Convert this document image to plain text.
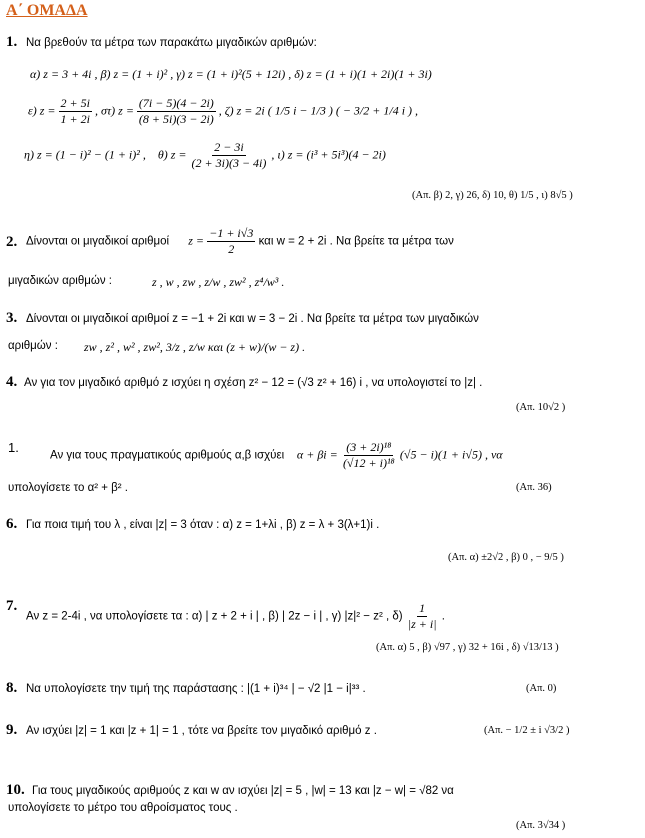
Α΄ ΟΜΑΔΑ
1. Να βρεθούν τα μέτρα των παρακάτω μιγαδικών αριθμών:
α) z = 3 + 4i , β) z = (1 + i)² , γ) z = (1 + i)²(5 + 12i) , δ) z = (1 + i)(1 + 2i)(1 + 3i)
ε) $z = \frac{2 + 5i}{1 + 2i}$ , στ) $z = \frac{(7i - 5)(4 - 2i)}{(8 + 5i)(3 - 2i)}$ , ζ) z = 2i ( 1/5 i − 1/3 ) ( − 3/2 + 1/4 i ) ,
η) z = (1 − i)² − (1 + i)² , θ) $z = \frac{2 - 3i}{(2 + 3i)(3 - 4i)}$ , ι) z = (i³ + 5i³)(4 − 2i)
(Απ. β) 2, γ) 26, δ) 10, θ) 1/5 , ι) 8√5 )
2. Δίνονται οι μιγαδικοί αριθμοί $z = \frac{-1 + i√3}{2}$ και w = 2 + 2i . Να βρείτε τα μέτρα των
μιγαδικών αριθμών :	z , w , zw , z/w , zw² , z⁴/w³ .
3. Δίνονται οι μιγαδικοί αριθμοί z = −1 + 2i και w = 3 − 2i . Να βρείτε τα μέτρα των μιγαδικών
αριθμών : zw , z² , w² , zw², 3/z , z/w και (z + w)/(w − z) .
4. Αν για τον μιγαδικό αριθμό z ισχύει η σχέση z² − 12 = (√3 z² + 16) i , να υπολογιστεί το |z| .
(Απ. 10√2 )
1.
Αν για τους πραγματικούς αριθμούς α,β ισχύει $\alpha + \beta i = \frac{\text{(3 + 2i)¹⁸}}{\text{(√12 + i)¹⁸}} (√5 - i)(1 + i√5)$ , να
υπολογίσετε το α² + β² .	(Απ. 36)
6. Για ποια τιμή του λ , είναι |z| = 3 όταν : α) z = 1+λi , β) z = λ + 3(λ+1)i .
(Απ. α) ±2√2 , β) 0 , − 9/5 )
7.
Αν z = 2-4i , να υπολογίσετε τα : α) | z + 2 + i | , β) | 2z − i | , γ) |z|² − z² , $\delta) \frac{1}{|z + i|}$ .
(Απ. α) 5 , β) √97 , γ) 32 + 16i , δ) √13/13 )
8. Να υπολογίσετε την τιμή της παράστασης : |(1 + i)³⁴ | − √2 |1 − i|³³ .	(Απ. 0)
9. Αν ισχύει |z| = 1 και |z + 1| = 1 , τότε να βρείτε τον μιγαδικό αριθμό z .	(Απ. − 1/2 ± i √3/2 )
10. Για τους μιγαδικούς αριθμούς z και w αν ισχύει |z| = 5 , |w| = 13 και |z − w| = √82 να
υπολογίσετε το μέτρο του αθροίσματος τους .
(Απ. 3√34 )
